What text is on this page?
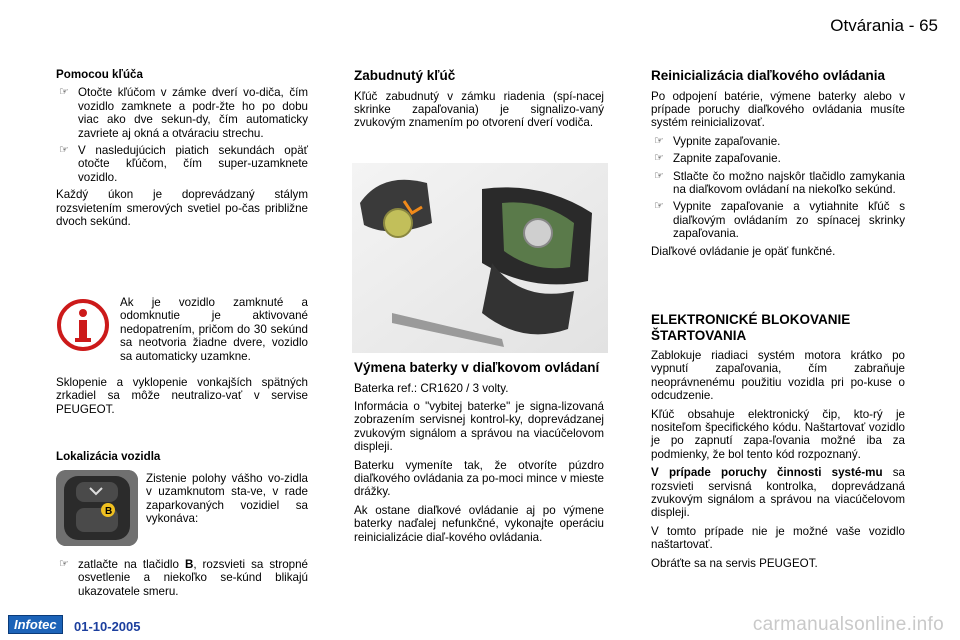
Otvárania - 65
Pomocou kľúča
☞ Otočte kľúčom v zámke dverí vo-diča, čím vozidlo zamknete a podr-žte ho po dobu viac ako dve sekun-dy, čím automaticky zavriete aj okná a otváraciu strechu.
☞ V nasledujúcich piatich sekundách opäť otočte kľúčom, čím super-uzamknete vozidlo.

Každý úkon je doprevádzaný stálym rozsvietením smerových svetiel po-čas približne dvoch sekúnd.

Ak je vozidlo zamknuté a odomknutie je aktivované nedopatrením, pričom do 30 sekúnd sa neotvoria žiadne dvere, vozidlo sa automaticky uzamkne.

Sklopenie a vyklopenie vonkajších spätných zrkadiel sa môže neutralizo-vať v servise PEUGEOT.

Lokalizácia vozidla
B

Zistenie polohy vášho vo-zidla v uzamknutom sta-ve, v rade zaparkovaných vozidiel sa vykonáva:

☞ zatlačte na tlačidlo B, rozsvieti sa stropné osvetlenie a niekoľko se-kúnd blikajú ukazovatele smeru.
Zabudnutý kľúč

Kľúč zabudnutý v zámku riadenia (spí-nacej skrinke zapaľovania) je signalizo-vaný zvukovým znamením po otvorení dverí vodiča.

Výmena baterky v diaľkovom ovládaní

Baterka ref.: CR1620 / 3 volty.

Informácia o "vybitej baterke" je signa-lizovaná zobrazením servisnej kontrol-ky, doprevádzanej zvukovým signálom a správou na viacúčelovom displeji.

Baterku vymeníte tak, že otvoríte púzdro diaľkového ovládania za po-moci mince v mieste drážky.

Ak ostane diaľkové ovládanie aj po výmene baterky naďalej nefunkčné, vykonajte operáciu reinicializácie diaľ-kového ovládania.

Reinicializácia diaľkového ovládania

Po odpojení batérie, výmene baterky alebo v prípade poruchy diaľkového ovládania musíte systém reinicializovať.

☞ Vypnite zapaľovanie.
☞ Zapnite zapaľovanie.
☞ Stlačte čo možno najskôr tlačidlo zamykania na diaľkovom ovládaní na niekoľko sekúnd.
☞ Vypnite zapaľovanie a vytiahnite kľúč s diaľkovým ovládaním zo spínacej skrinky zapaľovania.

Diaľkové ovládanie je opäť funkčné.

ELEKTRONICKÉ BLOKOVANIE ŠTARTOVANIA

Zablokuje riadiaci systém motora krátko po vypnutí zapaľovania, čím zabraňuje neoprávnenému použitiu vozidla pri po-kuse o odcudzenie.

Kľúč obsahuje elektronický čip, kto-rý je nositeľom špecifického kódu. Naštartovať vozidlo je po zapnutí zapa-ľovania možné iba za podmienky, že bol tento kód rozpoznaný.

V prípade poruchy činnosti systé-mu sa rozsvieti servisná kontrolka, doprevádzaná zvukovým signálom a správou na viacúčelovom displeji.

V tomto prípade nie je možné vaše vozidlo naštartovať.

Obráťte sa na servis PEUGEOT.

Infotec	01-10-2005	carmanualsonline.info
